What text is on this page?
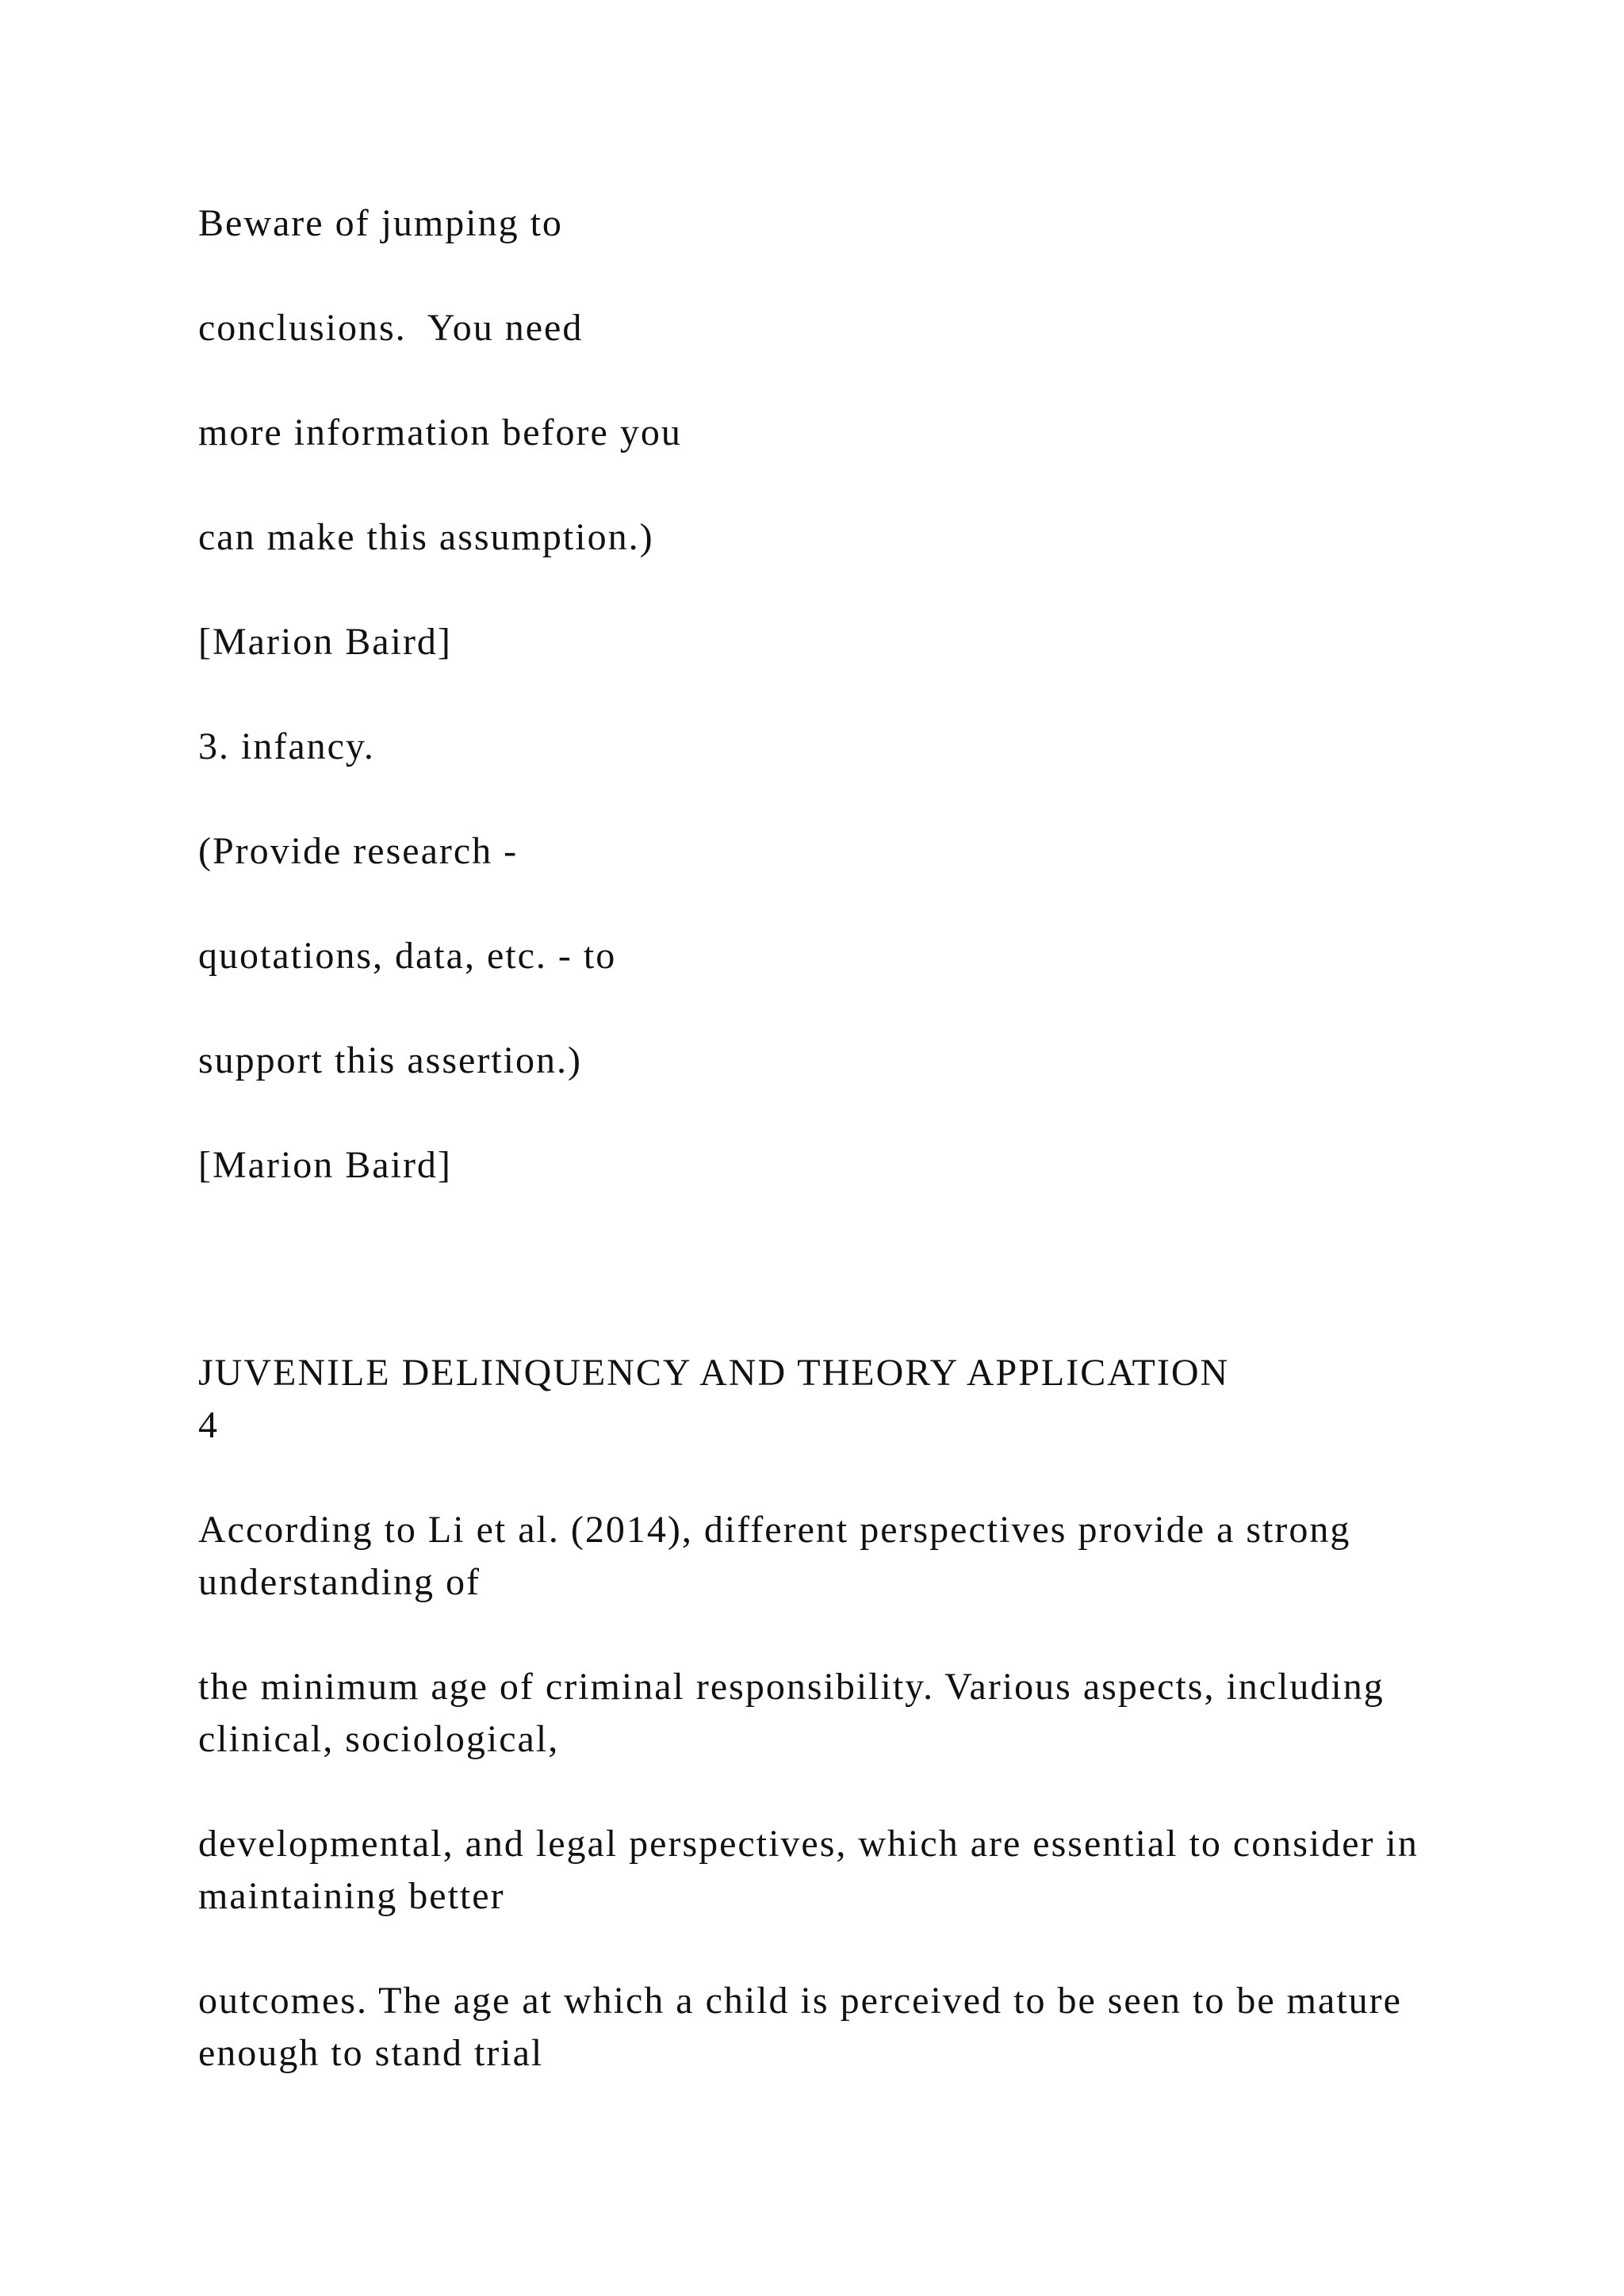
Beware of jumping to
conclusions.  You need
more information before you
can make this assumption.)
[Marion Baird]
3. infancy.
(Provide research -
quotations, data, etc. - to
support this assertion.)
[Marion Baird]
JUVENILE DELINQUENCY AND THEORY APPLICATION
4
According to Li et al. (2014), different perspectives provide a strong understanding of
the minimum age of criminal responsibility. Various aspects, including clinical, sociological,
developmental, and legal perspectives, which are essential to consider in maintaining better
outcomes. The age at which a child is perceived to be seen to be mature enough to stand trial
